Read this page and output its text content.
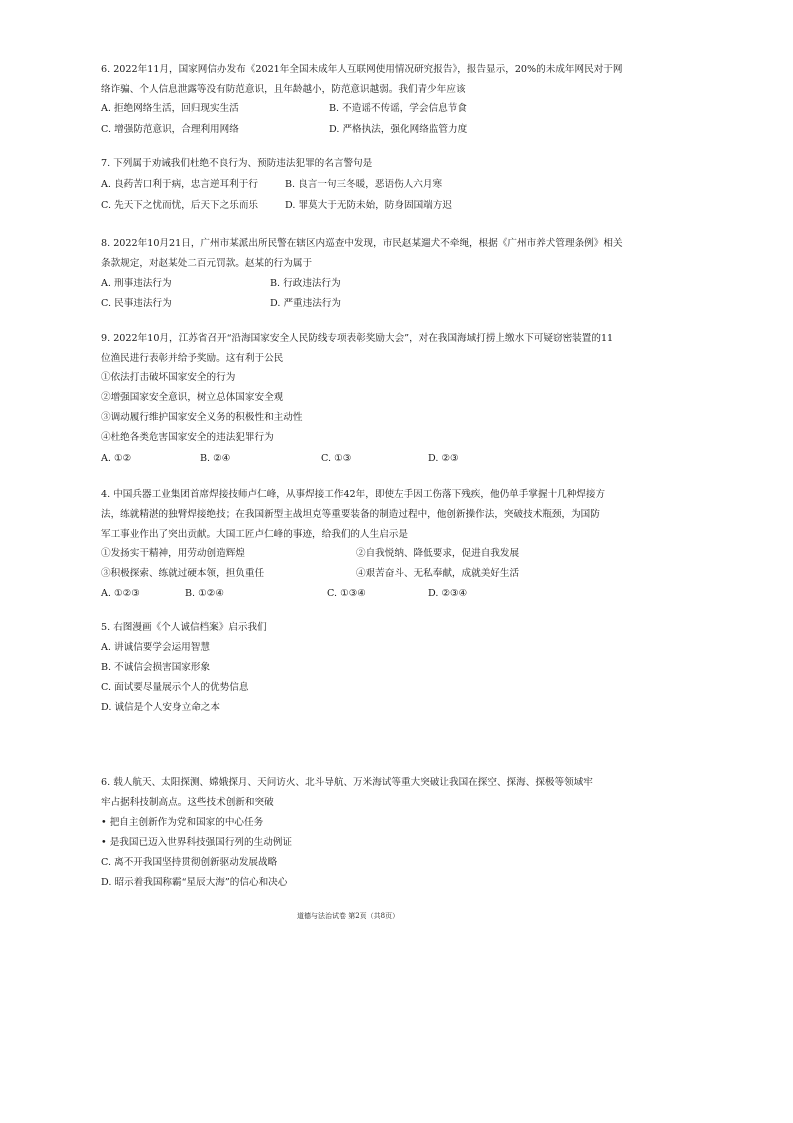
6. 2022年11月，国家网信办发布《2021年全国未成年人互联网使用情况研究报告》，报告显示，20%的未成年网民对于网
络诈骗、个人信息泄露等没有防范意识，且年龄越小，防范意识越弱。我们青少年应该
A. 拒绝网络生活，回归现实生活	B. 不造谣不传谣，学会信息节食
C. 增强防范意识，合理利用网络	D. 严格执法，强化网络监管力度
7. 下列属于劝诫我们杜绝不良行为、预防违法犯罪的名言警句是
A. 良药苦口利于病，忠言逆耳利于行	B. 良言一句三冬暖，恶语伤人六月寒
C. 先天下之忧而忧，后天下之乐而乐	D. 罪莫大于无防未始，防身固国端方迟
8. 2022年10月21日，广州市某派出所民警在辖区内巡查中发现，市民赵某遛犬不牵绳，根据《广州市养犬管理条例》相关
条款规定，对赵某处二百元罚款。赵某的行为属于
A. 刑事违法行为	B. 行政违法行为
C. 民事违法行为	D. 严重违法行为
9. 2022年10月，江苏省召开“沿海国家安全人民防线专项表彰奖励大会”，对在我国海域打捞上缴水下可疑窃密装置的11
位渔民进行表彰并给予奖励。这有利于公民
①依法打击破坏国家安全的行为
②增强国家安全意识，树立总体国家安全观
③调动履行维护国家安全义务的积极性和主动性
④杜绝各类危害国家安全的违法犯罪行为
A. ①②	B. ②④	C. ①③	D. ②③
4. 中国兵器工业集团首席焊接技师卢仁峰，从事焊接工作42年，即使左手因工伤落下残疾，他仍单手掌握十几种焊接方
法，练就精湛的独臂焊接绝技；在我国新型主战坦克等重要装备的制造过程中，他创新操作法，突破技术瓶颈，为国防
军工事业作出了突出贡献。大国工匠卢仁峰的事迹，给我们的人生启示是
①发扬实干精神，用劳动创造辉煌	②自我悦纳、降低要求，促进自我发展
③积极探索、练就过硬本领，担负重任	④艰苦奋斗、无私奉献，成就美好生活
A. ①②③	B. ①②④	C. ①③④	D. ②③④
5. 右图漫画《个人诚信档案》启示我们
A. 讲诚信要学会运用智慧
B. 不诚信会损害国家形象
C. 面试要尽量展示个人的优势信息
D. 诚信是个人安身立命之本
6. 载人航天、太阳探测、嫦娥探月、天问访火、北斗导航、万米海试等重大突破让我国在探空、探海、探极等领域牢
牢占据科技制高点。这些技术创新和突破
• 把自主创新作为党和国家的中心任务
• 是我国已迈入世界科技强国行列的生动例证
C. 离不开我国坚持贯彻创新驱动发展战略
D. 昭示着我国称霸“星辰大海”的信心和决心
道德与法治试卷 第2页（共8页）
